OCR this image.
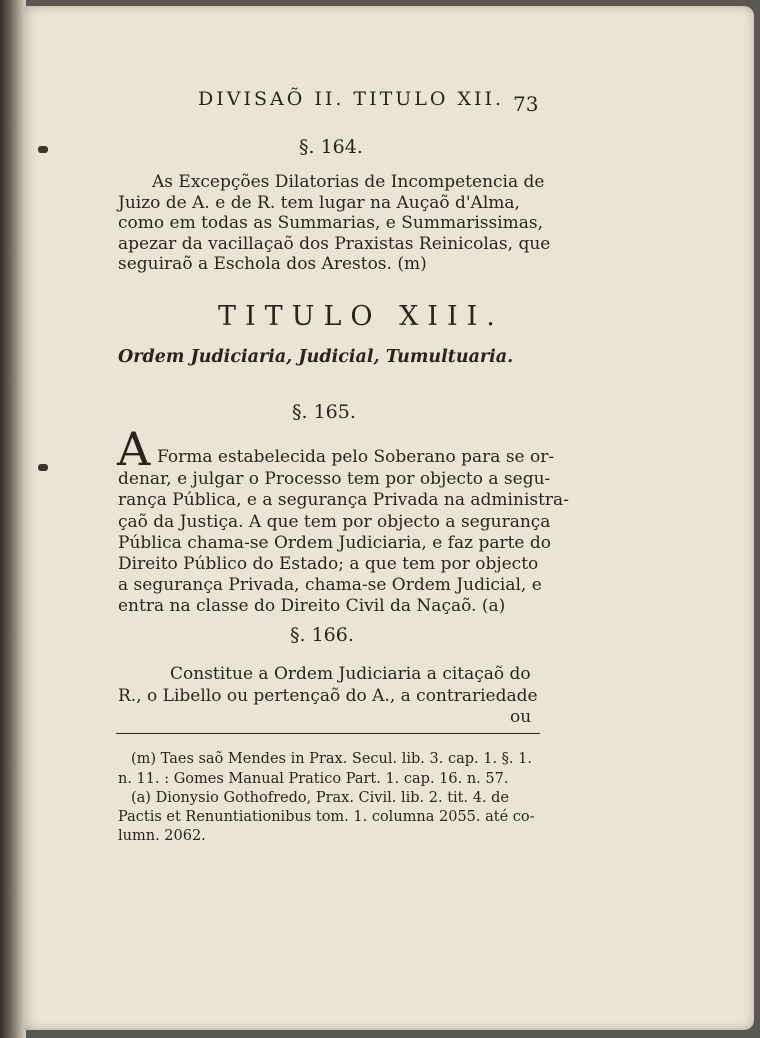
DIVISAÕ II. TITULO XII. 73
§. 164.
As Excepções Dilatorias de Incompetencia de
Juizo de A. e de R. tem lugar na Auçaõ d'Alma,
como em todas as Summarias, e Summarissimas,
apezar da vacillaçaõ dos Praxistas Reinicolas, que
seguiraõ a Eschola dos Arestos. (m)
TITULO XIII.
Ordem Judiciaria, Judicial, Tumultuaria.
§. 165.
A Forma estabelecida pelo Soberano para se or-
denar, e julgar o Processo tem por objecto a segu-
rança Pública, e a segurança Privada na administra-
çaõ da Justiça. A que tem por objecto a segurança
Pública chama-se Ordem Judiciaria, e faz parte do
Direito Público do Estado; a que tem por objecto
a segurança Privada, chama-se Ordem Judicial, e
entra na classe do Direito Civil da Naçaõ. (a)
§. 166.
Constitue a Ordem Judiciaria a citaçaõ do
R., o Libello ou pertençaõ do A., a contrariedade
ou
(m) Taes saõ Mendes in Prax. Secul. lib. 3. cap. 1. §. 1.
n. 11. : Gomes Manual Pratico Part. 1. cap. 16. n. 57.
(a) Dionysio Gothofredo, Prax. Civil. lib. 2. tit. 4. de
Pactis et Renuntiationibus tom. 1. columna 2055. até co-
lumn. 2062.
